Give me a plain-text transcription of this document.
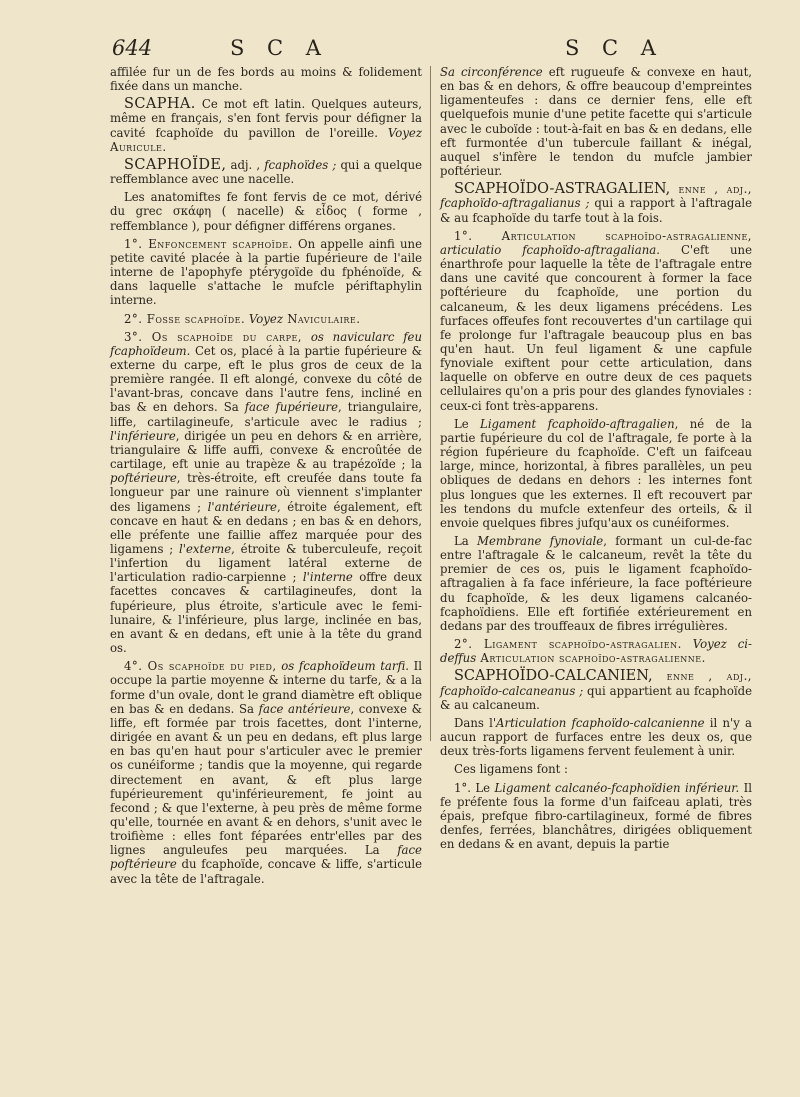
644	S C A	S C A

affilée fur un de fes bords au moins & folidement fixée dans un manche.

SCAPHA. Ce mot eft latin. Quelques auteurs, même en français, s'en font fervis pour défigner la cavité fcaphoïde du pavillon de l'oreille. Voyez Auricule.

SCAPHOÏDE, adj. , fcaphoïdes ; qui a quelque reffemblance avec une nacelle.

Les anatomiftes fe font fervis de ce mot, dérivé du grec σκάφη ( nacelle) & εἶδος ( forme , reffemblance ), pour défigner différens organes.

1°. Enfoncement scaphoïde. On appelle ainfi une petite cavité placée à la partie fupérieure de l'aile interne de l'apophyfe ptérygoïde du fphénoïde, & dans laquelle s'attache le mufcle périftaphylin interne.

2°. Fosse scaphoïde. Voyez Naviculaire.

3°. Os scaphoïde du carpe, os navicularc feu fcaphoïdeum. Cet os, placé à la partie fupérieure & externe du carpe, eft le plus gros de ceux de la première rangée. Il eft alongé, convexe du côté de l'avant-bras, concave dans l'autre fens, incliné en bas & en dehors. Sa face fupérieure, triangulaire, liffe, cartilagineufe, s'articule avec le radius ; l'inférieure, dirigée un peu en dehors & en arrière, triangulaire & liffe auffi, convexe & encroûtée de cartilage, eft unie au trapèze & au trapézoïde ; la poftérieure, très-étroite, eft creufée dans toute fa longueur par une rainure où viennent s'implanter des ligamens ; l'antérieure, étroite également, eft concave en haut & en dedans ; en bas & en dehors, elle préfente une faillie affez marquée pour des ligamens ; l'externe, étroite & tuberculeufe, reçoit l'infertion du ligament latéral externe de l'articulation radio-carpienne ; l'interne offre deux facettes concaves & cartilagineufes, dont la fupérieure, plus étroite, s'articule avec le femi-lunaire, & l'inférieure, plus large, inclinée en bas, en avant & en dedans, eft unie à la tête du grand os.

4°. Os scaphoïde du pied, os fcaphoïdeum tarfi. Il occupe la partie moyenne & interne du tarfe, & a la forme d'un ovale, dont le grand diamètre eft oblique en bas & en dedans. Sa face antérieure, convexe & liffe, eft formée par trois facettes, dont l'interne, dirigée en avant & un peu en dedans, eft plus large en bas qu'en haut pour s'articuler avec le premier os cunéiforme ; tandis que la moyenne, qui regarde directement en avant, & eft plus large fupérieurement qu'inférieurement, fe joint au fecond ; & que l'externe, à peu près de même forme qu'elle, tournée en avant & en dehors, s'unit avec le troifième : elles font féparées entr'elles par des lignes anguleufes peu marquées. La face poftérieure du fcaphoïde, concave & liffe, s'articule avec la tête de l'aftragale.

Sa circonférence eft rugueufe & convexe en haut, en bas & en dehors, & offre beaucoup d'empreintes ligamenteufes : dans ce dernier fens, elle eft quelquefois munie d'une petite facette qui s'articule avec le cuboïde : tout-à-fait en bas & en dedans, elle eft furmontée d'un tubercule faillant & inégal, auquel s'infère le tendon du mufcle jambier poftérieur.

SCAPHOÏDO-ASTRAGALIEN, enne , adj., fcaphoïdo-aftragalianus ; qui a rapport à l'aftragale & au fcaphoïde du tarfe tout à la fois.

1°. Articulation scaphoïdo-astragalienne, articulatio fcaphoïdo-aftragaliana. C'eft une énarthrofe pour laquelle la tête de l'aftragale entre dans une cavité que concourent à former la face poftérieure du fcaphoïde, une portion du calcaneum, & les deux ligamens précédens. Les furfaces offeufes font recouvertes d'un cartilage qui fe prolonge fur l'aftragale beaucoup plus en bas qu'en haut. Un feul ligament & une capfule fynoviale exiftent pour cette articulation, dans laquelle on obferve en outre deux de ces paquets cellulaires qu'on a pris pour des glandes fynoviales : ceux-ci font très-apparens.

Le Ligament fcaphoïdo-aftragalien, né de la partie fupérieure du col de l'aftragale, fe porte à la région fupérieure du fcaphoïde. C'eft un faifceau large, mince, horizontal, à fibres parallèles, un peu obliques de dedans en dehors : les internes font plus longues que les externes. Il eft recouvert par les tendons du mufcle extenfeur des orteils, & il envoie quelques fibres jufqu'aux os cunéiformes.

La Membrane fynoviale, formant un cul-de-fac entre l'aftragale & le calcaneum, revêt la tête du premier de ces os, puis le ligament fcaphoïdo-aftragalien à fa face inférieure, la face poftérieure du fcaphoïde, & les deux ligamens calcanéo-fcaphoïdiens. Elle eft fortifiée extérieurement en dedans par des trouffeaux de fibres irrégulières.

2°. Ligament scaphoïdo-astragalien. Voyez ci-deffus Articulation scaphoïdo-astragalienne.

SCAPHOÏDO-CALCANIEN, enne , adj., fcaphoïdo-calcaneanus ; qui appartient au fcaphoïde & au calcaneum.

Dans l'Articulation fcaphoïdo-calcanienne il n'y a aucun rapport de furfaces entre les deux os, que deux très-forts ligamens fervent feulement à unir.

Ces ligamens font :

1°. Le Ligament calcanéo-fcaphoïdien inférieur. Il fe préfente fous la forme d'un faifceau aplati, très épais, prefque fibro-cartilagineux, formé de fibres denfes, ferrées, blanchâtres, dirigées obliquement en dedans & en avant, depuis la partie
